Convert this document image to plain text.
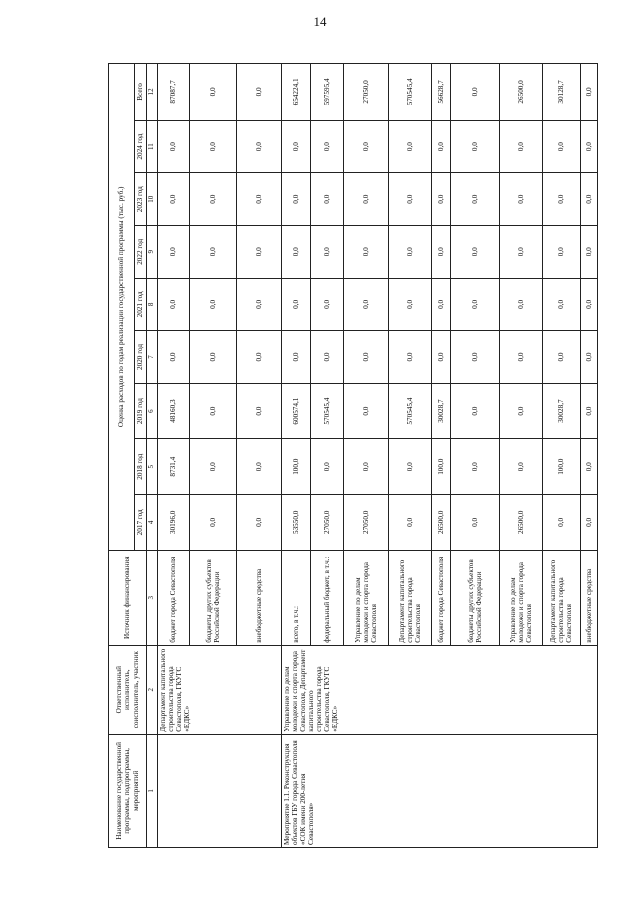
14
Наименование государственной программы, подпрограммы, мероприятий	Ответственный исполнитель, соисполнитель, участник	Источник финансирования	Оценка расходов по годам реализации государственной программы (тыс. руб.)								
			2017 год	2018 год	2019 год	2020 год	2021 год	2022 год	2023 год	2024 год	Всего
1	2	3	4	5	6	7	8	9	10	11	12
	Департамент капитального строительства города Севастополя, ГКУГС «ЕДКС»	бюджет города Севастополя	30196,0	8731,4	48160,3	0,0	0,0	0,0	0,0	0,0	87087,7
		бюджеты других субъектов Российской Федерации	0,0	0,0	0,0	0,0	0,0	0,0	0,0	0,0	0,0
		внебюджетные средства	0,0	0,0	0,0	0,0	0,0	0,0	0,0	0,0	0,0
Мероприятие 1.1. Реконструкция объектов ГБУ города Севастополя «СОК имени 200-летия Севастополя»	Управление по делам молодежи и спорта города Севастополя, Департамент капитального строительства города Севастополя, ГКУГС «ЕДКС»	всего, в т.ч.:	53550,0	100,0	600574,1	0,0	0,0	0,0	0,0	0,0	654224,1
		федеральный бюджет, в т.ч.:	27050,0	0,0	570545,4	0,0	0,0	0,0	0,0	0,0	597595,4
		Управление по делам молодежи и спорта города Севастополя	27050,0	0,0	0,0	0,0	0,0	0,0	0,0	0,0	27050,0
		Департамент капитального строительства города Севастополя	0,0	0,0	570545,4	0,0	0,0	0,0	0,0	0,0	570545,4
		бюджет города Севастополя	26500,0	100,0	30028,7	0,0	0,0	0,0	0,0	0,0	56628,7
		бюджеты других субъектов Российской Федерации	0,0	0,0	0,0	0,0	0,0	0,0	0,0	0,0	0,0
		Управление по делам молодежи и спорта города Севастополя	26500,0	0,0	0,0	0,0	0,0	0,0	0,0	0,0	26500,0
		Департамент капитального строительства города Севастополя	0,0	100,0	30028,7	0,0	0,0	0,0	0,0	0,0	30128,7
		внебюджетные средства	0,0	0,0	0,0	0,0	0,0	0,0	0,0	0,0	0,0
